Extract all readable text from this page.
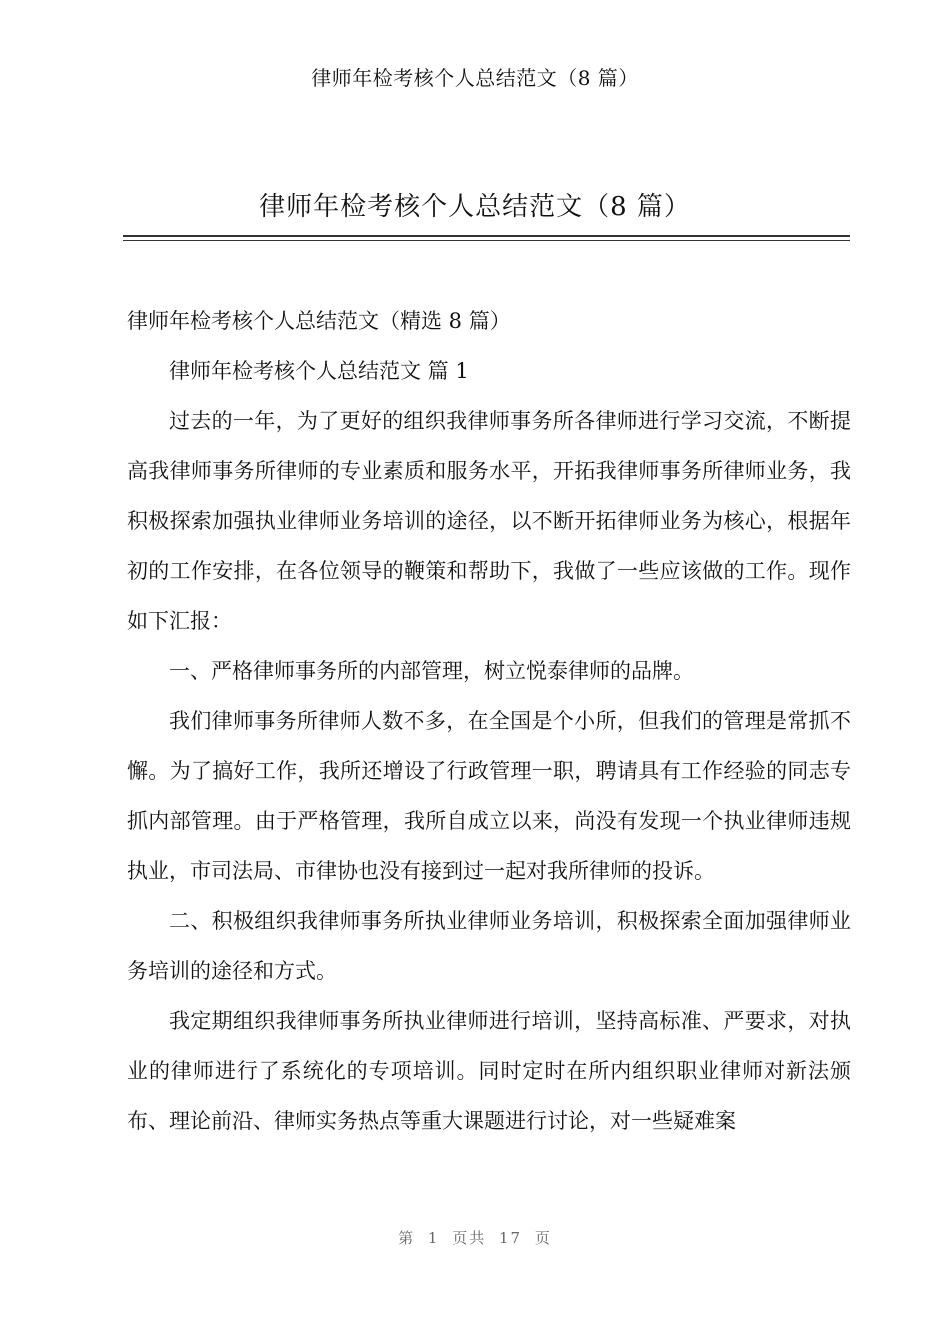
律师年检考核个人总结范文（8 篇）
律师年检考核个人总结范文（8 篇）

律师年检考核个人总结范文（精选 8 篇）

律师年检考核个人总结范文 篇 1

过去的一年，为了更好的组织我律师事务所各律师进行学习交流，不断提高我律师事务所律师的专业素质和服务水平，开拓我律师事务所律师业务，我积极探索加强执业律师业务培训的途径，以不断开拓律师业务为核心，根据年初的工作安排，在各位领导的鞭策和帮助下，我做了一些应该做的工作。现作如下汇报：

一、严格律师事务所的内部管理，树立悦泰律师的品牌。

我们律师事务所律师人数不多，在全国是个小所，但我们的管理是常抓不懈。为了搞好工作，我所还增设了行政管理一职，聘请具有工作经验的同志专抓内部管理。由于严格管理，我所自成立以来，尚没有发现一个执业律师违规执业，市司法局、市律协也没有接到过一起对我所律师的投诉。

二、积极组织我律师事务所执业律师业务培训，积极探索全面加强律师业务培训的途径和方式。

我定期组织我律师事务所执业律师进行培训，坚持高标准、严要求，对执业的律师进行了系统化的专项培训。同时定时在所内组织职业律师对新法颁布、理论前沿、律师实务热点等重大课题进行讨论，对一些疑难案

第 1 页共 17 页
